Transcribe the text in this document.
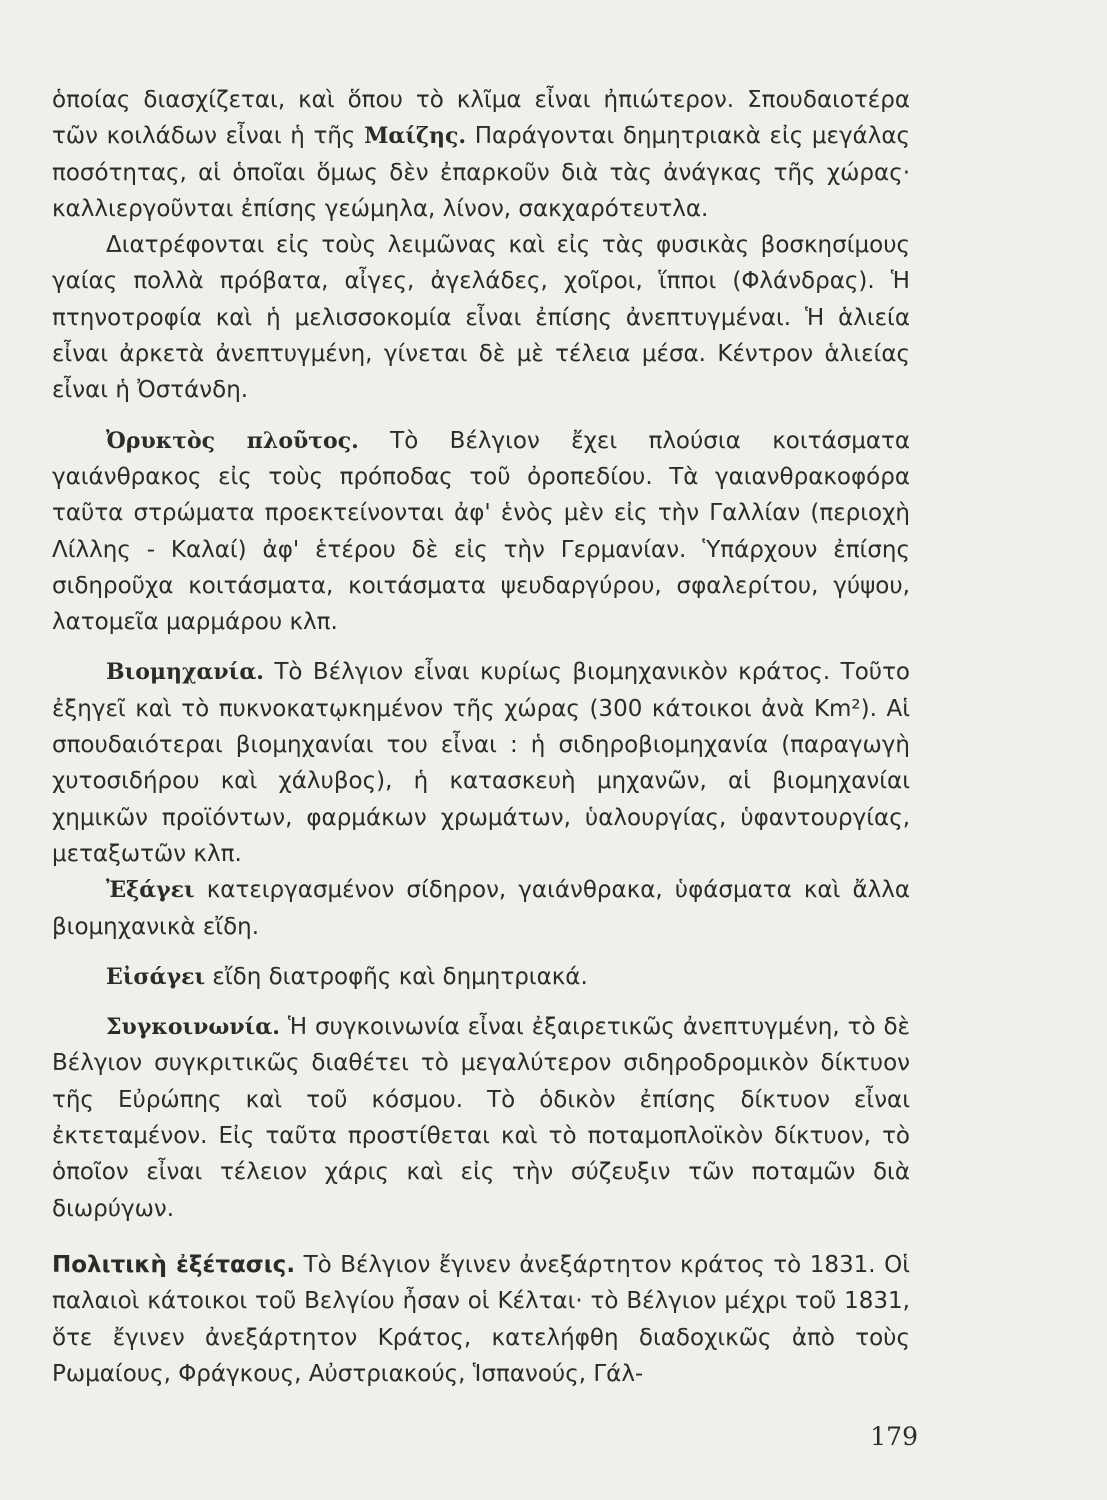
ὁποίας διασχίζεται, καὶ ὅπου τὸ κλῖμα εἶναι ἠπιώτερον. Σπουδαιοτέρα τῶν κοιλάδων εἶναι ἡ τῆς Μαίζης. Παράγονται δημητριακὰ εἰς μεγάλας ποσότητας, αἱ ὁποῖαι ὅμως δὲν ἐπαρκοῦν διὰ τὰς ἀνάγκας τῆς χώρας· καλλιεργοῦνται ἐπίσης γεώμηλα, λίνον, σακχαρότευτλα.

Διατρέφονται εἰς τοὺς λειμῶνας καὶ εἰς τὰς φυσικὰς βοσκησίμους γαίας πολλὰ πρόβατα, αἶγες, ἀγελάδες, χοῖροι, ἵπποι (Φλάνδρας). Ἡ πτηνοτροφία καὶ ἡ μελισσοκομία εἶναι ἐπίσης ἀνεπτυγμέναι. Ἡ ἁλιεία εἶναι ἀρκετὰ ἀνεπτυγμένη, γίνεται δὲ μὲ τέλεια μέσα. Κέντρον ἁλιείας εἶναι ἡ Ὀστάνδη.

Ὀρυκτὸς πλοῦτος. Τὸ Βέλγιον ἔχει πλούσια κοιτάσματα γαιάνθρακος εἰς τοὺς πρόποδας τοῦ ὀροπεδίου. Τὰ γαιανθρακοφόρα ταῦτα στρώματα προεκτείνονται ἀφ' ἑνὸς μὲν εἰς τὴν Γαλλίαν (περιοχὴ Λίλλης - Καλαί) ἀφ' ἑτέρου δὲ εἰς τὴν Γερμανίαν. Ὑπάρχουν ἐπίσης σιδηροῦχα κοιτάσματα, κοιτάσματα ψευδαργύρου, σφαλερίτου, γύψου, λατομεῖα μαρμάρου κλπ.

Βιομηχανία. Τὸ Βέλγιον εἶναι κυρίως βιομηχανικὸν κράτος. Τοῦτο ἐξηγεῖ καὶ τὸ πυκνοκατῳκημένον τῆς χώρας (300 κάτοικοι ἀνὰ Km²). Αἱ σπουδαιότεραι βιομηχανίαι του εἶναι : ἡ σιδηροβιομηχανία (παραγωγὴ χυτοσιδήρου καὶ χάλυβος), ἡ κατασκευὴ μηχανῶν, αἱ βιομηχανίαι χημικῶν προϊόντων, φαρμάκων χρωμάτων, ὑαλουργίας, ὑφαντουργίας, μεταξωτῶν κλπ.

Ἐξάγει κατειργασμένον σίδηρον, γαιάνθρακα, ὑφάσματα καὶ ἄλλα βιομηχανικὰ εἴδη.

Εἰσάγει εἴδη διατροφῆς καὶ δημητριακά.

Συγκοινωνία. Ἡ συγκοινωνία εἶναι ἐξαιρετικῶς ἀνεπτυγμένη, τὸ δὲ Βέλγιον συγκριτικῶς διαθέτει τὸ μεγαλύτερον σιδηροδρομικὸν δίκτυον τῆς Εὐρώπης καὶ τοῦ κόσμου. Τὸ ὁδικὸν ἐπίσης δίκτυον εἶναι ἐκτεταμένον. Εἰς ταῦτα προστίθεται καὶ τὸ ποταμοπλοϊκὸν δίκτυον, τὸ ὁποῖον εἶναι τέλειον χάρις καὶ εἰς τὴν σύζευξιν τῶν ποταμῶν διὰ διωρύγων.

Πολιτικὴ ἐξέτασις. Τὸ Βέλγιον ἔγινεν ἀνεξάρτητον κράτος τὸ 1831. Οἱ παλαιοὶ κάτοικοι τοῦ Βελγίου ἦσαν οἱ Κέλται· τὸ Βέλγιον μέχρι τοῦ 1831, ὅτε ἔγινεν ἀνεξάρτητον Κράτος, κατελήφθη διαδοχικῶς ἀπὸ τοὺς Ρωμαίους, Φράγκους, Αὐστριακούς, Ἱσπανούς, Γάλ-

179
